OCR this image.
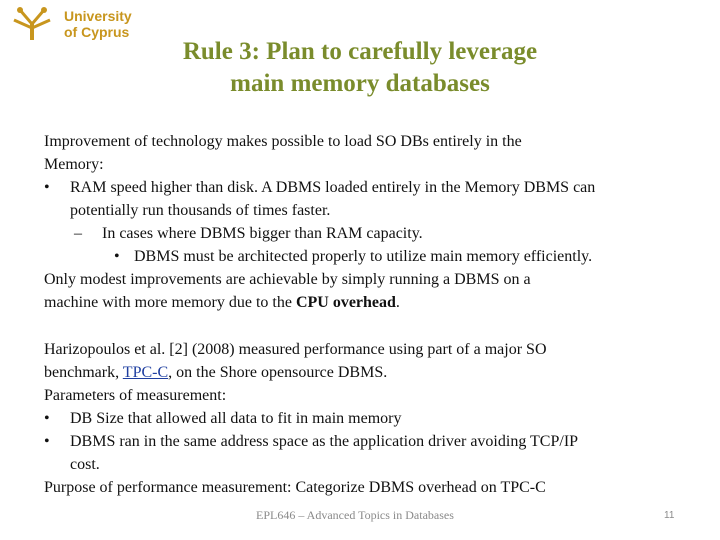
University
of Cyprus
Rule 3: Plan to carefully leverage
main memory databases
Improvement of technology makes possible to load SO DBs entirely in the
Memory:
• RAM speed higher than disk. A DBMS loaded entirely in the Memory DBMS can
potentially run thousands of times faster.
– In cases where DBMS bigger than RAM capacity.
• DBMS must be architected properly to utilize main memory efficiently.
Only modest improvements are achievable by simply running a DBMS on a
machine with more memory due to the CPU overhead.
Harizopoulos et al. [2] (2008) measured performance using part of a major SO
benchmark, TPC-C, on the Shore opensource DBMS.
Parameters of measurement:
• DB Size that allowed all data to fit in main memory
• DBMS ran in the same address space as the application driver avoiding TCP/IP
cost.
Purpose of performance measurement: Categorize DBMS overhead on TPC-C
EPL646 – Advanced Topics in Databases	11
